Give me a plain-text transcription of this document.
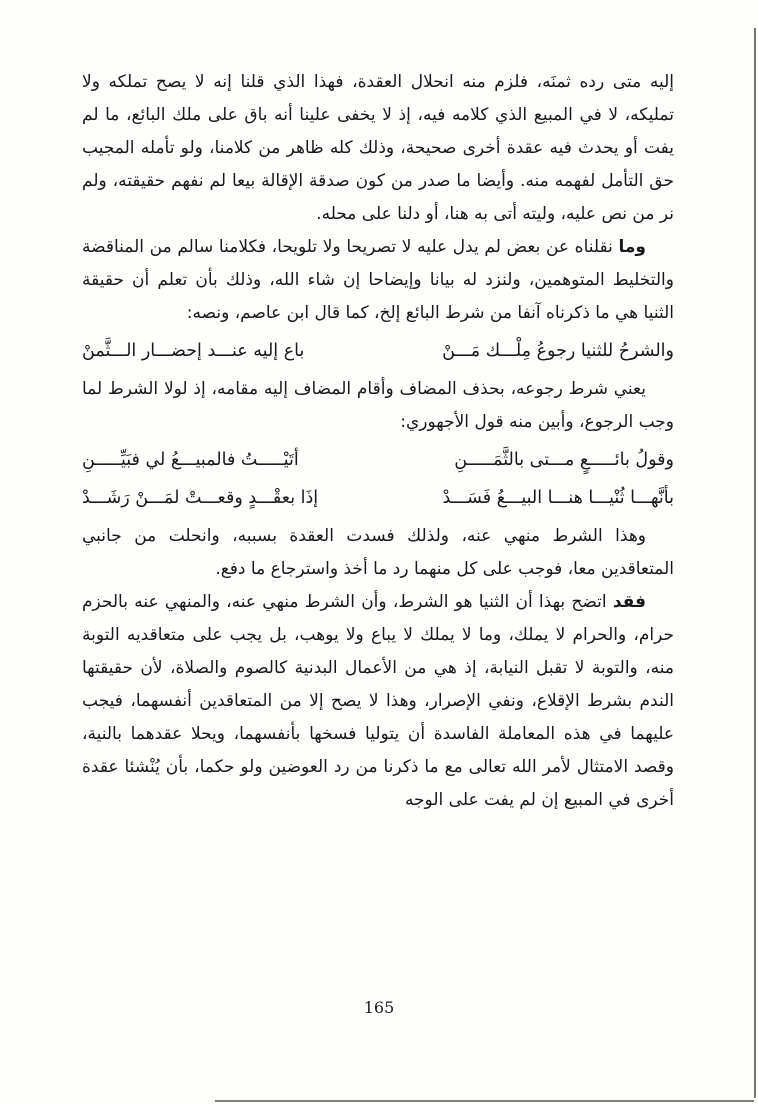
إليه متى رده ثمنَه، فلزم منه انحلال العقدة، فهذا الذي قلنا إنه لا يصح تملكه ولا تمليكه، لا في المبيع الذي كلامه فيه، إذ لا يخفى علينا أنه باق على ملك البائع، ما لم يفت أو يحدث فيه عقدة أخرى صحيحة، وذلك كله ظاهر من كلامنا، ولو تأمله المجيب حق التأمل لفهمه منه. وأيضا ما صدر من كون صدقة الإقالة بيعا لم نفهم حقيقته، ولم نر من نص عليه، وليته أتى به هنا، أو دلنا على محله.

وما نقلناه عن بعض لم يدل عليه لا تصريحا ولا تلويحا، فكلامنا سالم من المناقضة والتخليط المتوهمين، ولنزد له بيانا وإيضاحا إن شاء الله، وذلك بأن تعلم أن حقيقة الثنيا هي ما ذكرناه آنفا من شرط البائع إلخ، كما قال ابن عاصم، ونصه:

والشرحُ للثنيا رجوعُ مِلْـــك مَـــنْ
باع إليه عنـــد إحضـــار الـــثَّمنْ

يعني شرط رجوعه، بحذف المضاف وأقام المضاف إليه مقامه، إذ لولا الشرط لما وجب الرجوع، وأبين منه قول الأجهوري:

وقولُ بائـــــعٍ مـــتى بالثَّمَـــــنِ
أتَيْـــــتُ فالمبيـــعُ لي فبَيِّـــــنِ
بأنَّهـــا ثُنْيـــا هنـــا البيـــعُ فَسَـــدْ
إذَا بعقْـــدٍ وقعـــتْ لمَـــنْ رَشَـــدْ

وهذا الشرط منهي عنه، ولذلك فسدت العقدة بسببه، وانحلت من جانبي المتعاقدين معا، فوجب على كل منهما رد ما أخذ واسترجاع ما دفع.

فقد اتضح بهذا أن الثنيا هو الشرط، وأن الشرط منهي عنه، والمنهي عنه بالحزم حرام، والحرام لا يملك، وما لا يملك لا يباع ولا يوهب، بل يجب على متعاقديه التوبة منه، والتوبة لا تقبل النيابة، إذ هي من الأعمال البدنية كالصوم والصلاة، لأن حقيقتها الندم بشرط الإقلاع، ونفي الإصرار، وهذا لا يصح إلا من المتعاقدين أنفسهما، فيجب عليهما في هذه المعاملة الفاسدة أن يتوليا فسخها بأنفسهما، ويحلا عقدهما بالنية، وقصد الامتثال لأمر الله تعالى مع ما ذكرنا من رد العوضين ولو حكما، بأن يُنْشئا عقدة أخرى في المبيع إن لم يفت على الوجه

165
